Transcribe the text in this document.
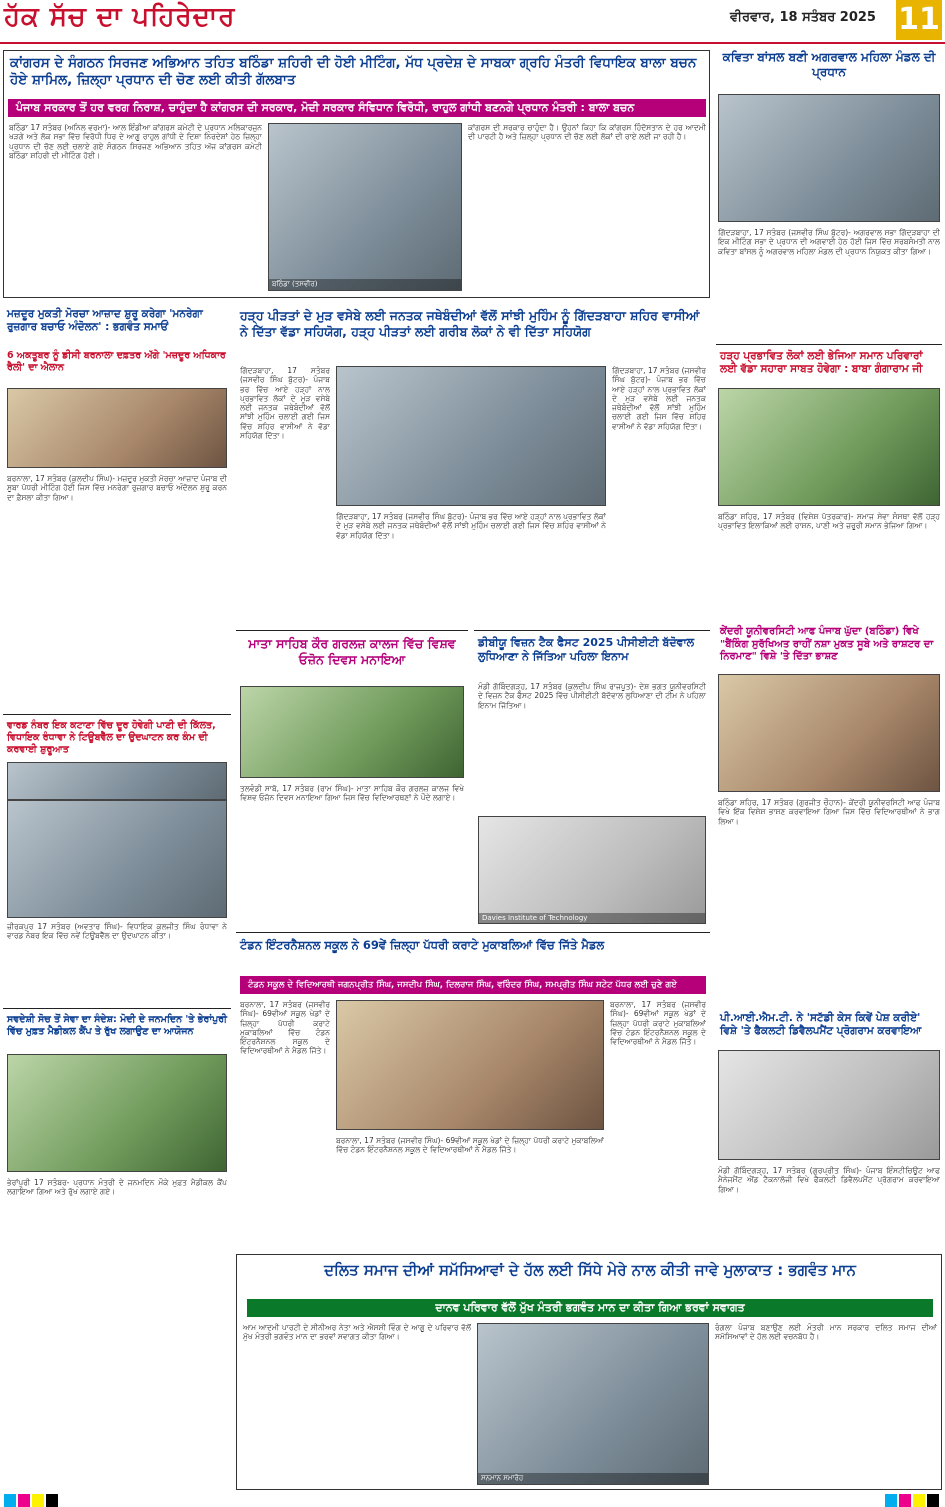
ਹੱਕ ਸੱਚ ਦਾ ਪਹਿਰੇਦਾਰ	ਵੀਰਵਾਰ, 18 ਸਤੰਬਰ 2025 11
ਕਾਂਗਰਸ ਦੇ ਸੰਗਠਨ ਸਿਰਜਣ ਅਭਿਆਨ ਤਹਿਤ ਬਠਿੰਡਾ ਸ਼ਹਿਰੀ ਦੀ ਹੋਈ ਮੀਟਿੰਗ, ਮੱਧ ਪ੍ਰਦੇਸ਼ ਦੇ ਸਾਬਕਾ ਗ੍ਰਹਿ ਮੰਤਰੀ ਵਿਧਾਇਕ ਬਾਲਾ ਬਚਨ ਹੋਏ ਸ਼ਾਮਿਲ, ਜ਼ਿਲ੍ਹਾ ਪ੍ਰਧਾਨ ਦੀ ਚੋਣ ਲਈ ਕੀਤੀ ਗੱਲਬਾਤ
ਪੰਜਾਬ ਸਰਕਾਰ ਤੋਂ ਹਰ ਵਰਗ ਨਿਰਾਸ਼, ਚਾਹੁੰਦਾ ਹੈ ਕਾਂਗਰਸ ਦੀ ਸਰਕਾਰ, ਮੋਦੀ ਸਰਕਾਰ ਸੰਵਿਧਾਨ ਵਿਰੋਧੀ, ਰਾਹੁਲ ਗਾਂਧੀ ਬਣਨਗੇ ਪ੍ਰਧਾਨ ਮੰਤਰੀ : ਬਾਲਾ ਬਚਨ
ਬਠਿੰਡਾ 17 ਸਤੰਬਰ (ਅਨਿਲ ਵਰਮਾ)- ਆਲ ਇੰਡੀਆ ਕਾਂਗਰਸ ਕਮੇਟੀ ਦੇ ਪ੍ਰਧਾਨ ਮਲਿਕਾਰਜੁਨ ਖੜਗੇ ਅਤੇ ਲੋਕ ਸਭਾ ਵਿੱਚ ਵਿਰੋਧੀ ਧਿਰ ਦੇ ਆਗੂ ਰਾਹੁਲ ਗਾਂਧੀ ਦੇ ਦਿਸ਼ਾ ਨਿਰਦੇਸ਼ਾਂ ਹੇਠ ਜ਼ਿਲ੍ਹਾ ਪ੍ਰਧਾਨ ਦੀ ਚੋਣ ਲਈ ਚਲਾਏ ਗਏ ਸੰਗਠਨ ਸਿਰਜਣ ਅਭਿਆਨ ਤਹਿਤ ਅੱਜ ਕਾਂਗਰਸ ਕਮੇਟੀ ਬਠਿੰਡਾ ਸ਼ਹਿਰੀ ਦੀ ਮੀਟਿੰਗ ਹੋਈ।
ਬਠਿੰਡਾ (ਤਸਵੀਰ)
ਕਾਂਗਰਸ ਦੀ ਸਰਕਾਰ ਚਾਹੁੰਦਾ ਹੈ। ਉਹਨਾਂ ਕਿਹਾ ਕਿ ਕਾਂਗਰਸ ਹਿੰਦੋਸਤਾਨ ਦੇ ਹਰ ਆਦਮੀ ਦੀ ਪਾਰਟੀ ਹੈ ਅਤੇ ਜ਼ਿਲ੍ਹਾ ਪ੍ਰਧਾਨ ਦੀ ਚੋਣ ਲਈ ਲੋਕਾਂ ਦੀ ਰਾਏ ਲਈ ਜਾ ਰਹੀ ਹੈ।
ਕਵਿਤਾ ਬਾਂਸਲ ਬਣੀ ਅਗਰਵਾਲ ਮਹਿਲਾ ਮੰਡਲ ਦੀ ਪ੍ਰਧਾਨ
ਗਿੱਦੜਬਾਹਾ, 17 ਸਤੰਬਰ (ਜਸਵੀਰ ਸਿੰਘ ਬੁੱਟਰ)- ਅਗਰਵਾਲ ਸਭਾ ਗਿੱਦੜਬਾਹਾ ਦੀ ਇਕ ਮੀਟਿੰਗ ਸਭਾ ਦੇ ਪ੍ਰਧਾਨ ਦੀ ਅਗਵਾਈ ਹੇਠ ਹੋਈ ਜਿਸ ਵਿੱਚ ਸਰਬਸੰਮਤੀ ਨਾਲ ਕਵਿਤਾ ਬਾਂਸਲ ਨੂੰ ਅਗਰਵਾਲ ਮਹਿਲਾ ਮੰਡਲ ਦੀ ਪ੍ਰਧਾਨ ਨਿਯੁਕਤ ਕੀਤਾ ਗਿਆ।
ਹੜ੍ਹ ਪ੍ਰਭਾਵਿਤ ਲੋਕਾਂ ਲਈ ਭੇਜਿਆ ਸਮਾਨ ਪਰਿਵਾਰਾਂ ਲਈ ਵੱਡਾ ਸਹਾਰਾ ਸਾਬਤ ਹੋਵੇਗਾ : ਬਾਬਾ ਗੰਗਾਰਾਮ ਜੀ
ਬਠਿੰਡਾ ਸ਼ਹਿਰ, 17 ਸਤੰਬਰ (ਵਿਸ਼ੇਸ਼ ਪੱਤਰਕਾਰ)- ਸਮਾਜ ਸੇਵਾ ਸੰਸਥਾ ਵੱਲੋਂ ਹੜ੍ਹ ਪ੍ਰਭਾਵਿਤ ਇਲਾਕਿਆਂ ਲਈ ਰਾਸ਼ਨ, ਪਾਣੀ ਅਤੇ ਜ਼ਰੂਰੀ ਸਮਾਨ ਭੇਜਿਆ ਗਿਆ।
ਕੇਂਦਰੀ ਯੂਨੀਵਰਸਿਟੀ ਆਫ ਪੰਜਾਬ ਘੁੱਦਾ (ਬਠਿੰਡਾ) ਵਿਖੇ "ਬੈਂਕਿੰਗ ਸੁਰੱਖਿਅਤ ਰਾਹੀਂ ਨਸ਼ਾ ਮੁਕਤ ਸੂਬੇ ਅਤੇ ਰਾਸ਼ਟਰ ਦਾ ਨਿਰਮਾਣ" ਵਿਸ਼ੇ 'ਤੇ ਦਿੱਤਾ ਭਾਸ਼ਣ
ਬਠਿੰਡਾ ਸ਼ਹਿਰ, 17 ਸਤੰਬਰ (ਗੁਰਜੀਤ ਚੌਹਾਨ)- ਕੇਂਦਰੀ ਯੂਨੀਵਰਸਿਟੀ ਆਫ ਪੰਜਾਬ ਵਿਖੇ ਇੱਕ ਵਿਸ਼ੇਸ਼ ਭਾਸ਼ਣ ਕਰਵਾਇਆ ਗਿਆ ਜਿਸ ਵਿੱਚ ਵਿਦਿਆਰਥੀਆਂ ਨੇ ਭਾਗ ਲਿਆ।
ਪੀ.ਆਈ.ਐਮ.ਟੀ. ਨੇ 'ਸਟੱਡੀ ਕੇਸ ਕਿਵੇਂ ਪੇਸ਼ ਕਰੀਏ' ਵਿਸ਼ੇ 'ਤੇ ਫੈਕਲਟੀ ਡਿਵੈਲਪਮੈਂਟ ਪ੍ਰੋਗਰਾਮ ਕਰਵਾਇਆ
ਮੰਡੀ ਗੋਬਿੰਦਗੜ੍ਹ, 17 ਸਤੰਬਰ (ਗੁਰਪ੍ਰੀਤ ਸਿੰਘ)- ਪੰਜਾਬ ਇੰਸਟੀਚਿਊਟ ਆਫ ਮੈਨੇਜਮੈਂਟ ਐਂਡ ਟੈਕਨਾਲੋਜੀ ਵਿਖੇ ਫੈਕਲਟੀ ਡਿਵੈਲਪਮੈਂਟ ਪ੍ਰੋਗਰਾਮ ਕਰਵਾਇਆ ਗਿਆ।
ਮਜ਼ਦੂਰ ਮੁਕਤੀ ਮੋਰਚਾ ਆਜ਼ਾਦ ਸ਼ੁਰੂ ਕਰੇਗਾ 'ਮਨਰੇਗਾ ਰੁਜ਼ਗਾਰ ਬਚਾਓ ਅੰਦੋਲਨ' : ਭਗਵੰਤ ਸਮਾਓਂ
6 ਅਕਤੂਬਰ ਨੂੰ ਡੀਸੀ ਬਰਨਾਲਾ ਦਫ਼ਤਰ ਅੱਗੇ 'ਮਜ਼ਦੂਰ ਅਧਿਕਾਰ ਰੈਲੀ' ਦਾ ਐਲਾਨ
ਬਰਨਾਲਾ, 17 ਸਤੰਬਰ (ਕੁਲਦੀਪ ਸਿੰਘ)- ਮਜ਼ਦੂਰ ਮੁਕਤੀ ਮੋਰਚਾ ਆਜ਼ਾਦ ਪੰਜਾਬ ਦੀ ਸੂਬਾ ਪੱਧਰੀ ਮੀਟਿੰਗ ਹੋਈ ਜਿਸ ਵਿੱਚ ਮਨਰੇਗਾ ਰੁਜ਼ਗਾਰ ਬਚਾਓ ਅੰਦੋਲਨ ਸ਼ੁਰੂ ਕਰਨ ਦਾ ਫ਼ੈਸਲਾ ਕੀਤਾ ਗਿਆ।
ਵਾਰਡ ਨੰਬਰ ਇਕ ਕਟਾਣਾ ਵਿੱਚ ਦੂਰ ਹੋਵੇਗੀ ਪਾਣੀ ਦੀ ਕਿੱਲਤ, ਵਿਧਾਇਕ ਰੰਧਾਵਾ ਨੇ ਟਿਊਬਵੈੱਲ ਦਾ ਉਦਘਾਟਨ ਕਰ ਕੰਮ ਦੀ ਕਰਵਾਈ ਸ਼ੁਰੂਆਤ
ਜ਼ੀਰਕਪੁਰ 17 ਸਤੰਬਰ (ਅਵਤਾਰ ਸਿੰਘ)- ਵਿਧਾਇਕ ਕੁਲਜੀਤ ਸਿੰਘ ਰੰਧਾਵਾ ਨੇ ਵਾਰਡ ਨੰਬਰ ਇਕ ਵਿੱਚ ਨਵੇਂ ਟਿਊਬਵੈੱਲ ਦਾ ਉਦਘਾਟਨ ਕੀਤਾ।
ਸਵਦੇਸ਼ੀ ਸੋਚ ਤੋਂ ਸੇਵਾ ਦਾ ਸੰਦੇਸ਼: ਮੋਦੀ ਦੇ ਜਨਮਦਿਨ 'ਤੇ ਭੇਰਾਂਪੁਰੀ ਵਿੱਚ ਮੁਫ਼ਤ ਮੈਡੀਕਲ ਕੈਂਪ ਤੇ ਰੁੱਖ ਲਗਾਉਣ ਦਾ ਆਯੋਜਨ
ਭੇਰਾਂਪੁਰੀ 17 ਸਤੰਬਰ- ਪ੍ਰਧਾਨ ਮੰਤਰੀ ਦੇ ਜਨਮਦਿਨ ਮੌਕੇ ਮੁਫ਼ਤ ਮੈਡੀਕਲ ਕੈਂਪ ਲਗਾਇਆ ਗਿਆ ਅਤੇ ਰੁੱਖ ਲਗਾਏ ਗਏ।
ਹੜ੍ਹ ਪੀੜਤਾਂ ਦੇ ਮੁੜ ਵਸੇਬੇ ਲਈ ਜਨਤਕ ਜਥੇਬੰਦੀਆਂ ਵੱਲੋਂ ਸਾਂਝੀ ਮੁਹਿੰਮ ਨੂੰ ਗਿੱਦੜਬਾਹਾ ਸ਼ਹਿਰ ਵਾਸੀਆਂ ਨੇ ਦਿੱਤਾ ਵੱਡਾ ਸਹਿਯੋਗ, ਹੜ੍ਹ ਪੀੜਤਾਂ ਲਈ ਗਰੀਬ ਲੋਕਾਂ ਨੇ ਵੀ ਦਿੱਤਾ ਸਹਿਯੋਗ
ਗਿੱਦੜਬਾਹਾ, 17 ਸਤੰਬਰ (ਜਸਵੀਰ ਸਿੰਘ ਬੁੱਟਰ)- ਪੰਜਾਬ ਭਰ ਵਿੱਚ ਆਏ ਹੜ੍ਹਾਂ ਨਾਲ ਪ੍ਰਭਾਵਿਤ ਲੋਕਾਂ ਦੇ ਮੁੜ ਵਸੇਬੇ ਲਈ ਜਨਤਕ ਜਥੇਬੰਦੀਆਂ ਵੱਲੋਂ ਸਾਂਝੀ ਮੁਹਿੰਮ ਚਲਾਈ ਗਈ ਜਿਸ ਵਿੱਚ ਸ਼ਹਿਰ ਵਾਸੀਆਂ ਨੇ ਵੱਡਾ ਸਹਿਯੋਗ ਦਿੱਤਾ।
ਗਿੱਦੜਬਾਹਾ, 17 ਸਤੰਬਰ (ਜਸਵੀਰ ਸਿੰਘ ਬੁੱਟਰ)- ਪੰਜਾਬ ਭਰ ਵਿੱਚ ਆਏ ਹੜ੍ਹਾਂ ਨਾਲ ਪ੍ਰਭਾਵਿਤ ਲੋਕਾਂ ਦੇ ਮੁੜ ਵਸੇਬੇ ਲਈ ਜਨਤਕ ਜਥੇਬੰਦੀਆਂ ਵੱਲੋਂ ਸਾਂਝੀ ਮੁਹਿੰਮ ਚਲਾਈ ਗਈ ਜਿਸ ਵਿੱਚ ਸ਼ਹਿਰ ਵਾਸੀਆਂ ਨੇ ਵੱਡਾ ਸਹਿਯੋਗ ਦਿੱਤਾ।
ਗਿੱਦੜਬਾਹਾ, 17 ਸਤੰਬਰ (ਜਸਵੀਰ ਸਿੰਘ ਬੁੱਟਰ)- ਪੰਜਾਬ ਭਰ ਵਿੱਚ ਆਏ ਹੜ੍ਹਾਂ ਨਾਲ ਪ੍ਰਭਾਵਿਤ ਲੋਕਾਂ ਦੇ ਮੁੜ ਵਸੇਬੇ ਲਈ ਜਨਤਕ ਜਥੇਬੰਦੀਆਂ ਵੱਲੋਂ ਸਾਂਝੀ ਮੁਹਿੰਮ ਚਲਾਈ ਗਈ ਜਿਸ ਵਿੱਚ ਸ਼ਹਿਰ ਵਾਸੀਆਂ ਨੇ ਵੱਡਾ ਸਹਿਯੋਗ ਦਿੱਤਾ।
ਮਾਤਾ ਸਾਹਿਬ ਕੌਰ ਗਰਲਜ਼ ਕਾਲਜ ਵਿੱਚ ਵਿਸ਼ਵ ਓਜ਼ੋਨ ਦਿਵਸ ਮਨਾਇਆ
ਤਲਵੰਡੀ ਸਾਬੋ, 17 ਸਤੰਬਰ (ਰਾਮ ਸਿੰਘ)- ਮਾਤਾ ਸਾਹਿਬ ਕੌਰ ਗਰਲਜ਼ ਕਾਲਜ ਵਿਖੇ ਵਿਸ਼ਵ ਓਜ਼ੋਨ ਦਿਵਸ ਮਨਾਇਆ ਗਿਆ ਜਿਸ ਵਿੱਚ ਵਿਦਿਆਰਥਣਾਂ ਨੇ ਪੌਦੇ ਲਗਾਏ।
ਡੀਬੀਯੂ ਵਿਜ਼ਨ ਟੈਕ ਫੈਸਟ 2025 ਪੀਸੀਈਟੀ ਬੱਦੋਵਾਲ ਲੁਧਿਆਣਾ ਨੇ ਜਿੱਤਿਆ ਪਹਿਲਾ ਇਨਾਮ
ਮੰਡੀ ਗੋਬਿੰਦਗੜ੍ਹ, 17 ਸਤੰਬਰ (ਕੁਲਦੀਪ ਸਿੰਘ ਰਾਜਪੂਤ)- ਦੇਸ਼ ਭਗਤ ਯੂਨੀਵਰਸਿਟੀ ਦੇ ਵਿਜ਼ਨ ਟੈਕ ਫੈਸਟ 2025 ਵਿੱਚ ਪੀਸੀਈਟੀ ਬੱਦੋਵਾਲ ਲੁਧਿਆਣਾ ਦੀ ਟੀਮ ਨੇ ਪਹਿਲਾ ਇਨਾਮ ਜਿੱਤਿਆ।
Davies Institute of Technology
ਟੰਡਨ ਇੰਟਰਨੈਸ਼ਨਲ ਸਕੂਲ ਨੇ 69ਵੇਂ ਜ਼ਿਲ੍ਹਾ ਪੱਧਰੀ ਕਰਾਟੇ ਮੁਕਾਬਲਿਆਂ ਵਿੱਚ ਜਿੱਤੇ ਮੈਡਲ
ਟੰਡਨ ਸਕੂਲ ਦੇ ਵਿਦਿਆਰਥੀ ਜਗਨਪ੍ਰੀਤ ਸਿੰਘ, ਜਸਦੀਪ ਸਿੰਘ, ਦਿਲਰਾਜ ਸਿੰਘ, ਵਰਿੰਦਰ ਸਿੰਘ, ਸਮਪ੍ਰੀਤ ਸਿੰਘ ਸਟੇਟ ਪੱਧਰ ਲਈ ਚੁਣੇ ਗਏ
ਬਰਨਾਲਾ, 17 ਸਤੰਬਰ (ਜਸਵੀਰ ਸਿੰਘ)- 69ਵੀਆਂ ਸਕੂਲ ਖੇਡਾਂ ਦੇ ਜ਼ਿਲ੍ਹਾ ਪੱਧਰੀ ਕਰਾਟੇ ਮੁਕਾਬਲਿਆਂ ਵਿੱਚ ਟੰਡਨ ਇੰਟਰਨੈਸ਼ਨਲ ਸਕੂਲ ਦੇ ਵਿਦਿਆਰਥੀਆਂ ਨੇ ਮੈਡਲ ਜਿੱਤੇ।
ਬਰਨਾਲਾ, 17 ਸਤੰਬਰ (ਜਸਵੀਰ ਸਿੰਘ)- 69ਵੀਆਂ ਸਕੂਲ ਖੇਡਾਂ ਦੇ ਜ਼ਿਲ੍ਹਾ ਪੱਧਰੀ ਕਰਾਟੇ ਮੁਕਾਬਲਿਆਂ ਵਿੱਚ ਟੰਡਨ ਇੰਟਰਨੈਸ਼ਨਲ ਸਕੂਲ ਦੇ ਵਿਦਿਆਰਥੀਆਂ ਨੇ ਮੈਡਲ ਜਿੱਤੇ।
ਬਰਨਾਲਾ, 17 ਸਤੰਬਰ (ਜਸਵੀਰ ਸਿੰਘ)- 69ਵੀਆਂ ਸਕੂਲ ਖੇਡਾਂ ਦੇ ਜ਼ਿਲ੍ਹਾ ਪੱਧਰੀ ਕਰਾਟੇ ਮੁਕਾਬਲਿਆਂ ਵਿੱਚ ਟੰਡਨ ਇੰਟਰਨੈਸ਼ਨਲ ਸਕੂਲ ਦੇ ਵਿਦਿਆਰਥੀਆਂ ਨੇ ਮੈਡਲ ਜਿੱਤੇ।
ਦਲਿਤ ਸਮਾਜ ਦੀਆਂ ਸਮੱਸਿਆਵਾਂ ਦੇ ਹੱਲ ਲਈ ਸਿੱਧੇ ਮੇਰੇ ਨਾਲ ਕੀਤੀ ਜਾਵੇ ਮੁਲਾਕਾਤ : ਭਗਵੰਤ ਮਾਨ
ਦਾਨਵ ਪਰਿਵਾਰ ਵੱਲੋਂ ਮੁੱਖ ਮੰਤਰੀ ਭਗਵੰਤ ਮਾਨ ਦਾ ਕੀਤਾ ਗਿਆ ਭਰਵਾਂ ਸਵਾਗਤ
ਆਮ ਆਦਮੀ ਪਾਰਟੀ ਦੇ ਸੀਨੀਅਰ ਨੇਤਾ ਅਤੇ ਐਸਸੀ ਵਿੰਗ ਦੇ ਆਗੂ ਦੇ ਪਰਿਵਾਰ ਵੱਲੋਂ ਮੁੱਖ ਮੰਤਰੀ ਭਗਵੰਤ ਮਾਨ ਦਾ ਭਰਵਾਂ ਸਵਾਗਤ ਕੀਤਾ ਗਿਆ।
ਸਨਮਾਨ ਸਮਾਰੋਹ
ਰੰਗਲਾ ਪੰਜਾਬ ਬਣਾਉਣ ਲਈ ਮੰਤਰੀ ਮਾਨ ਸਰਕਾਰ ਦਲਿਤ ਸਮਾਜ ਦੀਆਂ ਸਮੱਸਿਆਵਾਂ ਦੇ ਹੱਲ ਲਈ ਵਚਨਬੱਧ ਹੈ।
